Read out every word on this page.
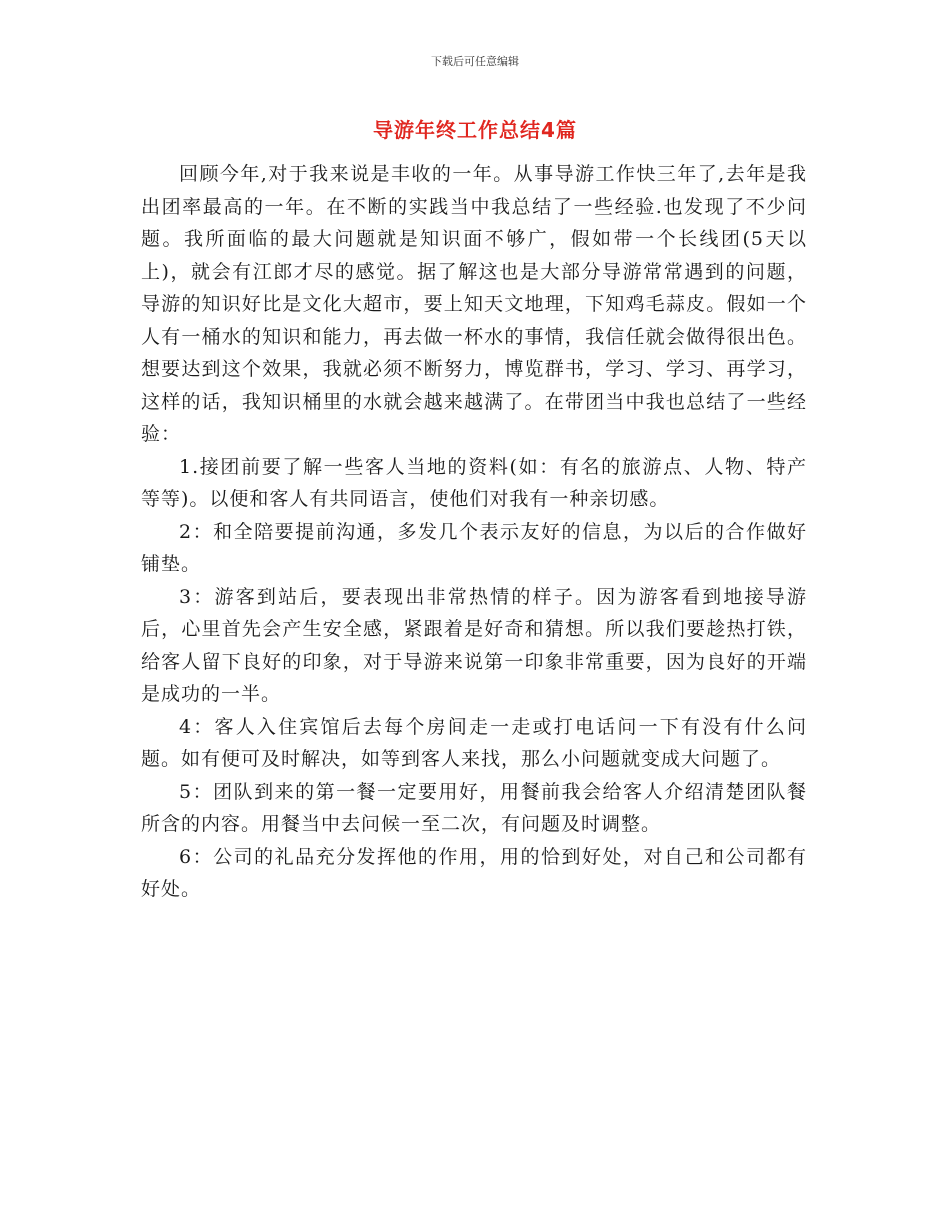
下载后可任意编辑
导游年终工作总结4篇

回顾今年,对于我来说是丰收的一年。从事导游工作快三年了,去年是我出团率最高的一年。在不断的实践当中我总结了一些经验.也发现了不少问题。我所面临的最大问题就是知识面不够广，假如带一个长线团(5天以上)，就会有江郎才尽的感觉。据了解这也是大部分导游常常遇到的问题，导游的知识好比是文化大超市，要上知天文地理，下知鸡毛蒜皮。假如一个人有一桶水的知识和能力，再去做一杯水的事情，我信任就会做得很出色。想要达到这个效果，我就必须不断努力，博览群书，学习、学习、再学习，这样的话，我知识桶里的水就会越来越满了。在带团当中我也总结了一些经验：

1.接团前要了解一些客人当地的资料(如：有名的旅游点、人物、特产等等)。以便和客人有共同语言，使他们对我有一种亲切感。

2：和全陪要提前沟通，多发几个表示友好的信息，为以后的合作做好铺垫。

3：游客到站后，要表现出非常热情的样子。因为游客看到地接导游后，心里首先会产生安全感，紧跟着是好奇和猜想。所以我们要趁热打铁，给客人留下良好的印象，对于导游来说第一印象非常重要，因为良好的开端是成功的一半。

4：客人入住宾馆后去每个房间走一走或打电话问一下有没有什么问题。如有便可及时解决，如等到客人来找，那么小问题就变成大问题了。

5：团队到来的第一餐一定要用好，用餐前我会给客人介绍清楚团队餐所含的内容。用餐当中去问候一至二次，有问题及时调整。

6：公司的礼品充分发挥他的作用，用的恰到好处，对自己和公司都有好处。
